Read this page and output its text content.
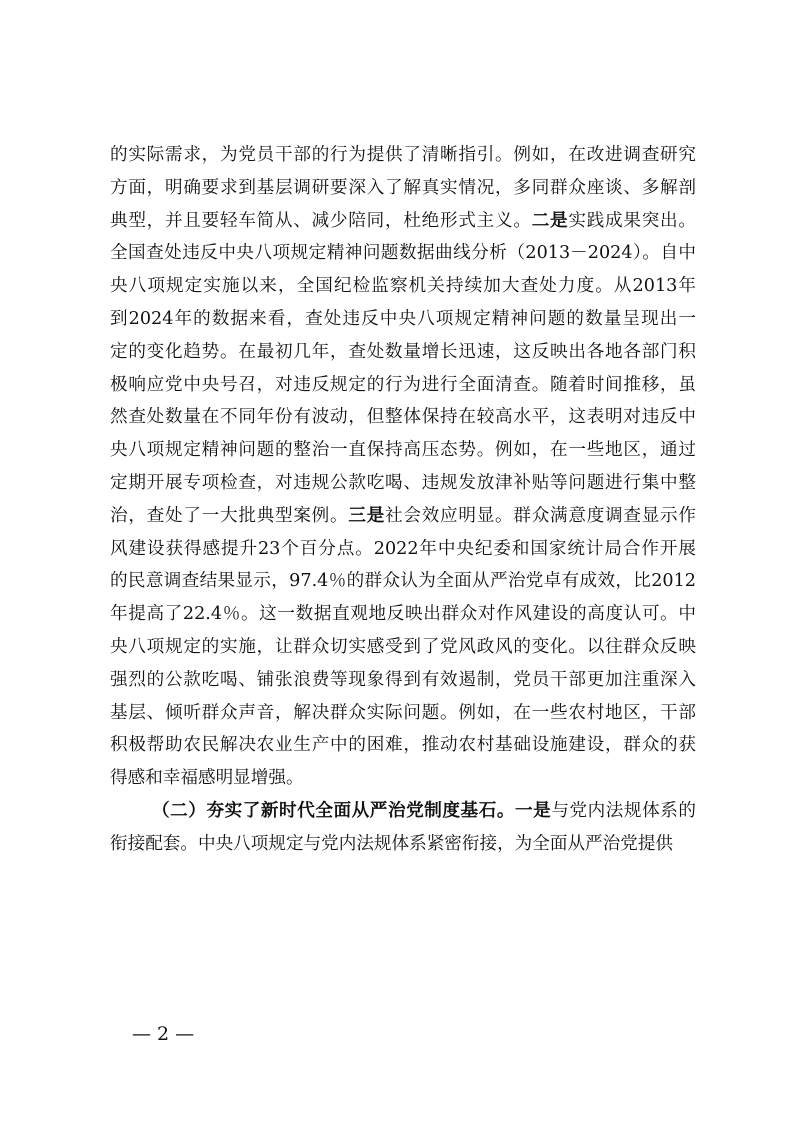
的实际需求，为党员干部的行为提供了清晰指引。例如，在改进调查研究
方面，明确要求到基层调研要深入了解真实情况，多同群众座谈、多解剖
典型，并且要轻车简从、减少陪同，杜绝形式主义。二是实践成果突出。
全国查处违反中央八项规定精神问题数据曲线分析（2013－2024）。自中
央八项规定实施以来，全国纪检监察机关持续加大查处力度。从2013年
到2024年的数据来看，查处违反中央八项规定精神问题的数量呈现出一
定的变化趋势。在最初几年，查处数量增长迅速，这反映出各地各部门积
极响应党中央号召，对违反规定的行为进行全面清查。随着时间推移，虽
然查处数量在不同年份有波动，但整体保持在较高水平，这表明对违反中
央八项规定精神问题的整治一直保持高压态势。例如，在一些地区，通过
定期开展专项检查，对违规公款吃喝、违规发放津补贴等问题进行集中整
治，查处了一大批典型案例。三是社会效应明显。群众满意度调查显示作
风建设获得感提升23个百分点。2022年中央纪委和国家统计局合作开展
的民意调查结果显示，97.4％的群众认为全面从严治党卓有成效，比2012
年提高了22.4％。这一数据直观地反映出群众对作风建设的高度认可。中
央八项规定的实施，让群众切实感受到了党风政风的变化。以往群众反映
强烈的公款吃喝、铺张浪费等现象得到有效遏制，党员干部更加注重深入
基层、倾听群众声音，解决群众实际问题。例如，在一些农村地区，干部
积极帮助农民解决农业生产中的困难，推动农村基础设施建设，群众的获
得感和幸福感明显增强。
（二）夯实了新时代全面从严治党制度基石。一是与党内法规体系的
衔接配套。中央八项规定与党内法规体系紧密衔接，为全面从严治党提供
— 2 —
